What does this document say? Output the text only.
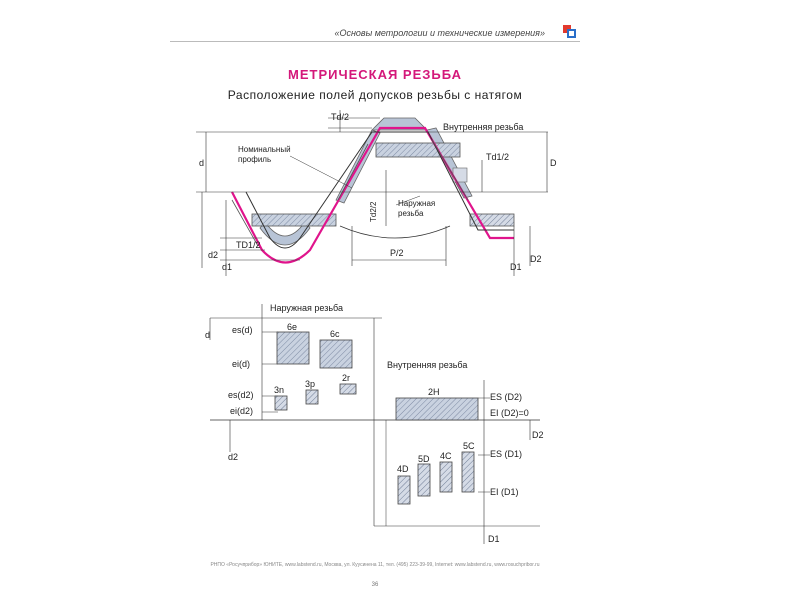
«Основы метрологии и технические измерения»
МЕТРИЧЕСКАЯ РЕЗЬБА
Расположение полей допусков резьбы с натягом
Td/2
Внутренняя резьба
Номинальный
профиль	Td1/2
d	D
Td2/2	Наружная
резьба
TD1/2
d2
d1
P/2
D1
D2
Наружная резьба
Внутренняя резьба
d es(d)
ei(d)
es(d2)
ei(d2)
d2
6e
6c
3n
3p
2r
2H
4D
5D 4C
5C
ES (D2)
EI (D2)=0
D2
ES (D1)
EI (D1)
D1
РНПО «Росучприбор» ЮНИТЕ, www.labstend.ru, Москва, ул. Куусинена 11, тел. (495) 223-39-99, Internet: www.labstend.ru, www.rosuchpribor.ru
36
